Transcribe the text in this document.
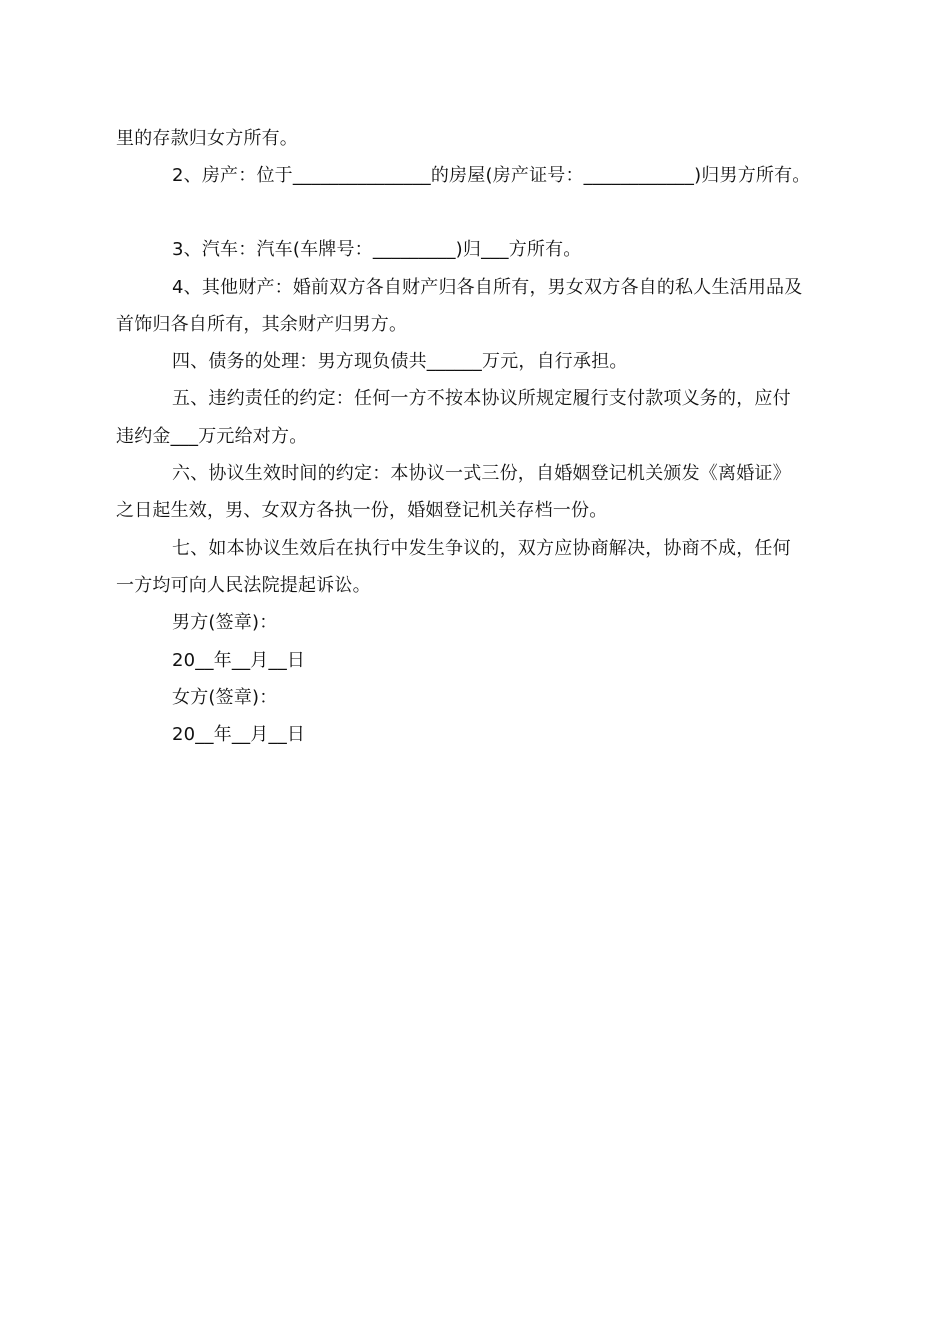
里的存款归女方所有。
2、房产：位于_______________的房屋(房产证号：____________)归男方所有。
3、汽车：汽车(车牌号：_________)归___方所有。
4、其他财产：婚前双方各自财产归各自所有，男女双方各自的私人生活用品及
首饰归各自所有，其余财产归男方。
四、债务的处理：男方现负债共______万元，自行承担。
五、违约责任的约定：任何一方不按本协议所规定履行支付款项义务的，应付
违约金___万元给对方。
六、协议生效时间的约定：本协议一式三份，自婚姻登记机关颁发《离婚证》
之日起生效，男、女双方各执一份，婚姻登记机关存档一份。
七、如本协议生效后在执行中发生争议的，双方应协商解决，协商不成，任何
一方均可向人民法院提起诉讼。
男方(签章)：
20__年__月__日
女方(签章)：
20__年__月__日
